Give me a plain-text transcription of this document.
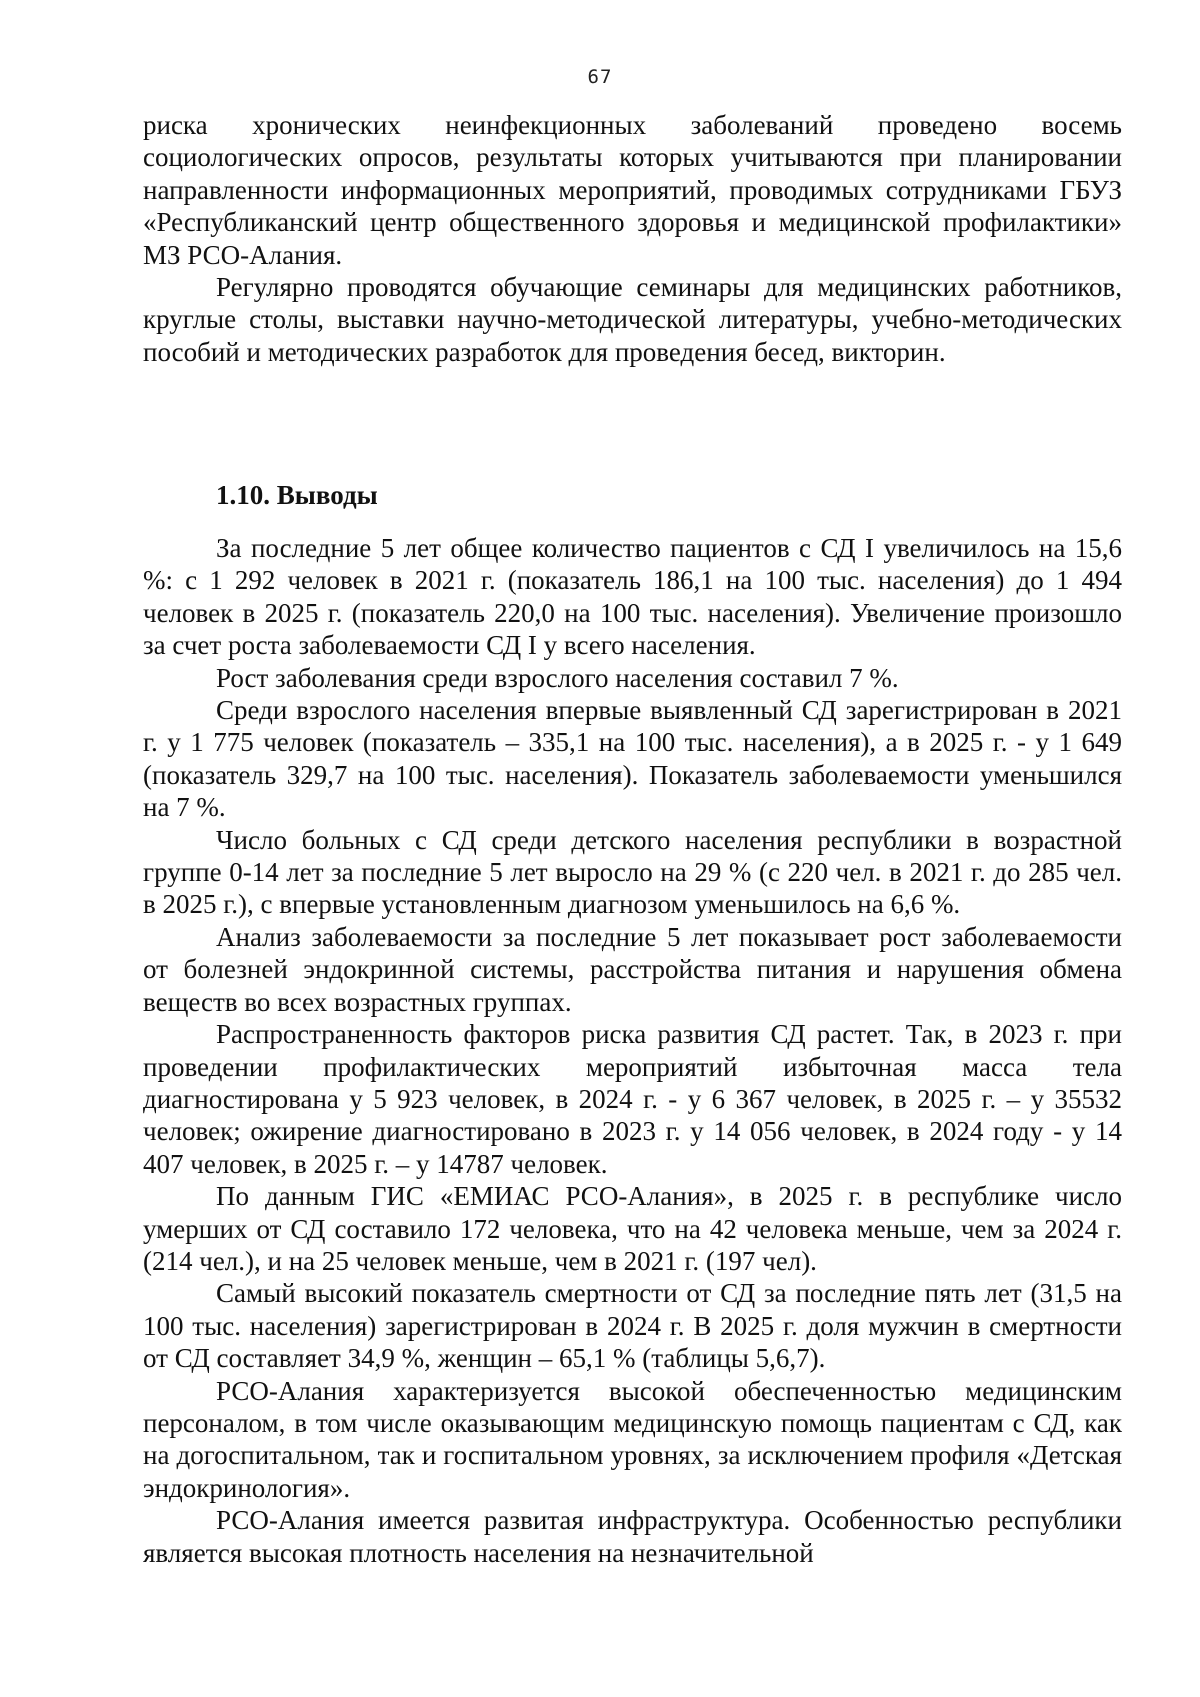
67

риска хронических неинфекционных заболеваний проведено восемь социологических опросов, результаты которых учитываются при планировании направленности информационных мероприятий, проводимых сотрудниками ГБУЗ «Республиканский центр общественного здоровья и медицинской профилактики» МЗ РСО-Алания.

Регулярно проводятся обучающие семинары для медицинских работников, круглые столы, выставки научно-методической литературы, учебно-методических пособий и методических разработок для проведения бесед, викторин.

1.10. Выводы

За последние 5 лет общее количество пациентов с СД I увеличилось на 15,6 %: с 1 292 человек в 2021 г. (показатель 186,1 на 100 тыс. населения) до 1 494 человек в 2025 г. (показатель 220,0 на 100 тыс. населения). Увеличение произошло за счет роста заболеваемости СД I у всего населения.

Рост заболевания среди взрослого населения составил 7 %.

Среди взрослого населения впервые выявленный СД зарегистрирован в 2021 г. у 1 775 человек (показатель – 335,1 на 100 тыс. населения), а в 2025 г. - у 1 649 (показатель 329,7 на 100 тыс. населения). Показатель заболеваемости уменьшился на 7 %.

Число больных с СД среди детского населения республики в возрастной группе 0-14 лет за последние 5 лет выросло на 29 % (с 220 чел. в 2021 г. до 285 чел. в 2025 г.), с впервые установленным диагнозом уменьшилось на 6,6 %.

Анализ заболеваемости за последние 5 лет показывает рост заболеваемости от болезней эндокринной системы, расстройства питания и нарушения обмена веществ во всех возрастных группах.

Распространенность факторов риска развития СД растет. Так, в 2023 г. при проведении профилактических мероприятий избыточная масса тела диагностирована у 5 923 человек, в 2024 г. - у 6 367 человек, в 2025 г. – у 35532 человек; ожирение диагностировано в 2023 г. у 14 056 человек, в 2024 году - у 14 407 человек, в 2025 г. – у 14787 человек.

По данным ГИС «ЕМИАС РСО-Алания», в 2025 г. в республике число умерших от СД составило 172 человека, что на 42 человека меньше, чем за 2024 г. (214 чел.), и на 25 человек меньше, чем в 2021 г. (197 чел).

Самый высокий показатель смертности от СД за последние пять лет (31,5 на 100 тыс. населения) зарегистрирован в 2024 г. В 2025 г. доля мужчин в смертности от СД составляет 34,9 %, женщин – 65,1 % (таблицы 5,6,7).

РСО-Алания характеризуется высокой обеспеченностью медицинским персоналом, в том числе оказывающим медицинскую помощь пациентам с СД, как на догоспитальном, так и госпитальном уровнях, за исключением профиля «Детская эндокринология».

РСО-Алания имеется развитая инфраструктура. Особенностью республики является высокая плотность населения на незначительной
